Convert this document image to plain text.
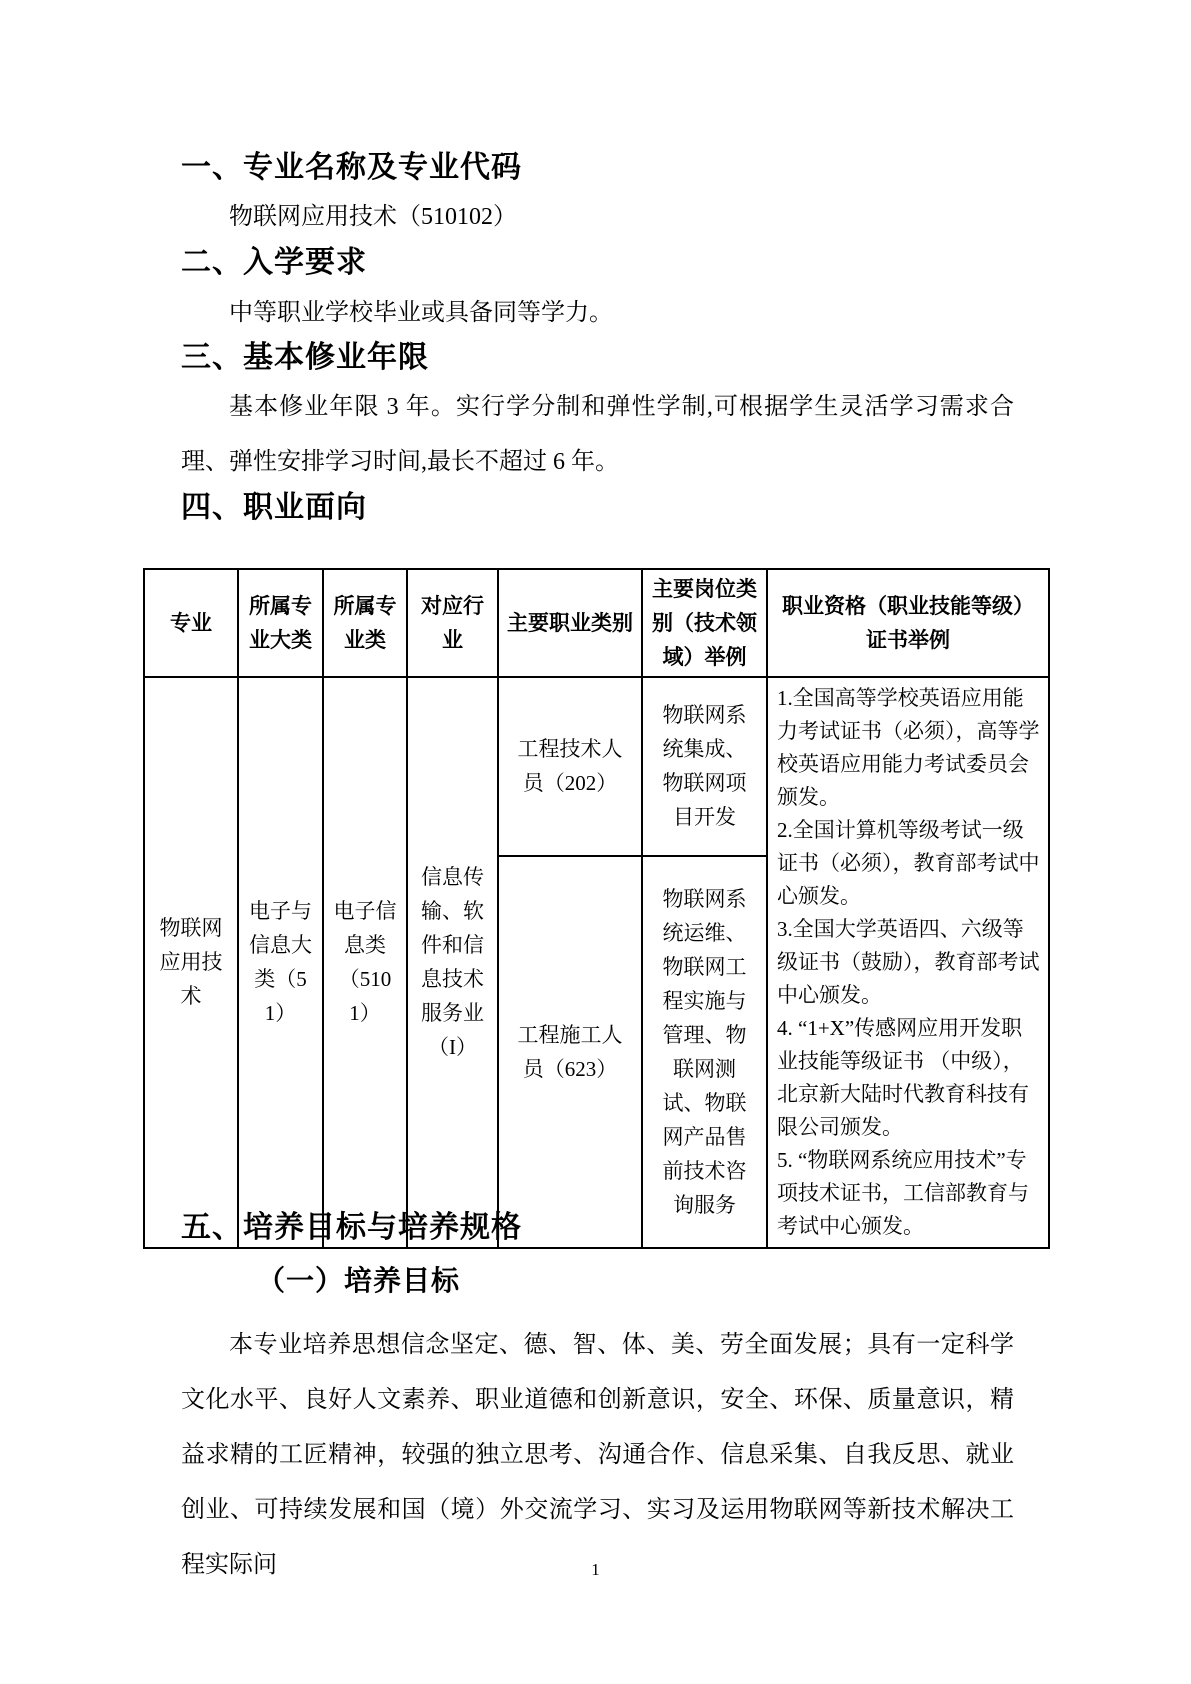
一、专业名称及专业代码
物联网应用技术（510102）
二、入学要求
中等职业学校毕业或具备同等学力。
三、基本修业年限
基本修业年限 3 年。实行学分制和弹性学制,可根据学生灵活学习需求合理、弹性安排学习时间,最长不超过 6 年。
四、职业面向
专业	所属专业大类	所属专业类	对应行业	主要职业类别	主要岗位类别（技术领域）举例	职业资格（职业技能等级）证书举例
物联网应用技术	电子与信息大类（51）	电子信息类（5101）	信息传输、软件和信息技术服务业（I）	工程技术人员（202）	物联网系统集成、物联网项目开发	1.全国高等学校英语应用能力考试证书（必须），高等学校英语应用能力考试委员会颁发。
2.全国计算机等级考试一级证书（必须），教育部考试中心颁发。
3.全国大学英语四、六级等级证书（鼓励），教育部考试中心颁发。
4. “1+X”传感网应用开发职业技能等级证书 （中级），北京新大陆时代教育科技有限公司颁发。
5. “物联网系统应用技术”专项技术证书，工信部教育与考试中心颁发。

				工程施工人员（623）	物联网系统运维、物联网工程实施与管理、物联网测试、物联网产品售前技术咨询服务	
五、培养目标与培养规格
（一）培养目标
本专业培养思想信念坚定、德、智、体、美、劳全面发展；具有一定科学文化水平、良好人文素养、职业道德和创新意识，安全、环保、质量意识，精益求精的工匠精神，较强的独立思考、沟通合作、信息采集、自我反思、就业创业、可持续发展和国（境）外交流学习、实习及运用物联网等新技术解决工程实际问	1
